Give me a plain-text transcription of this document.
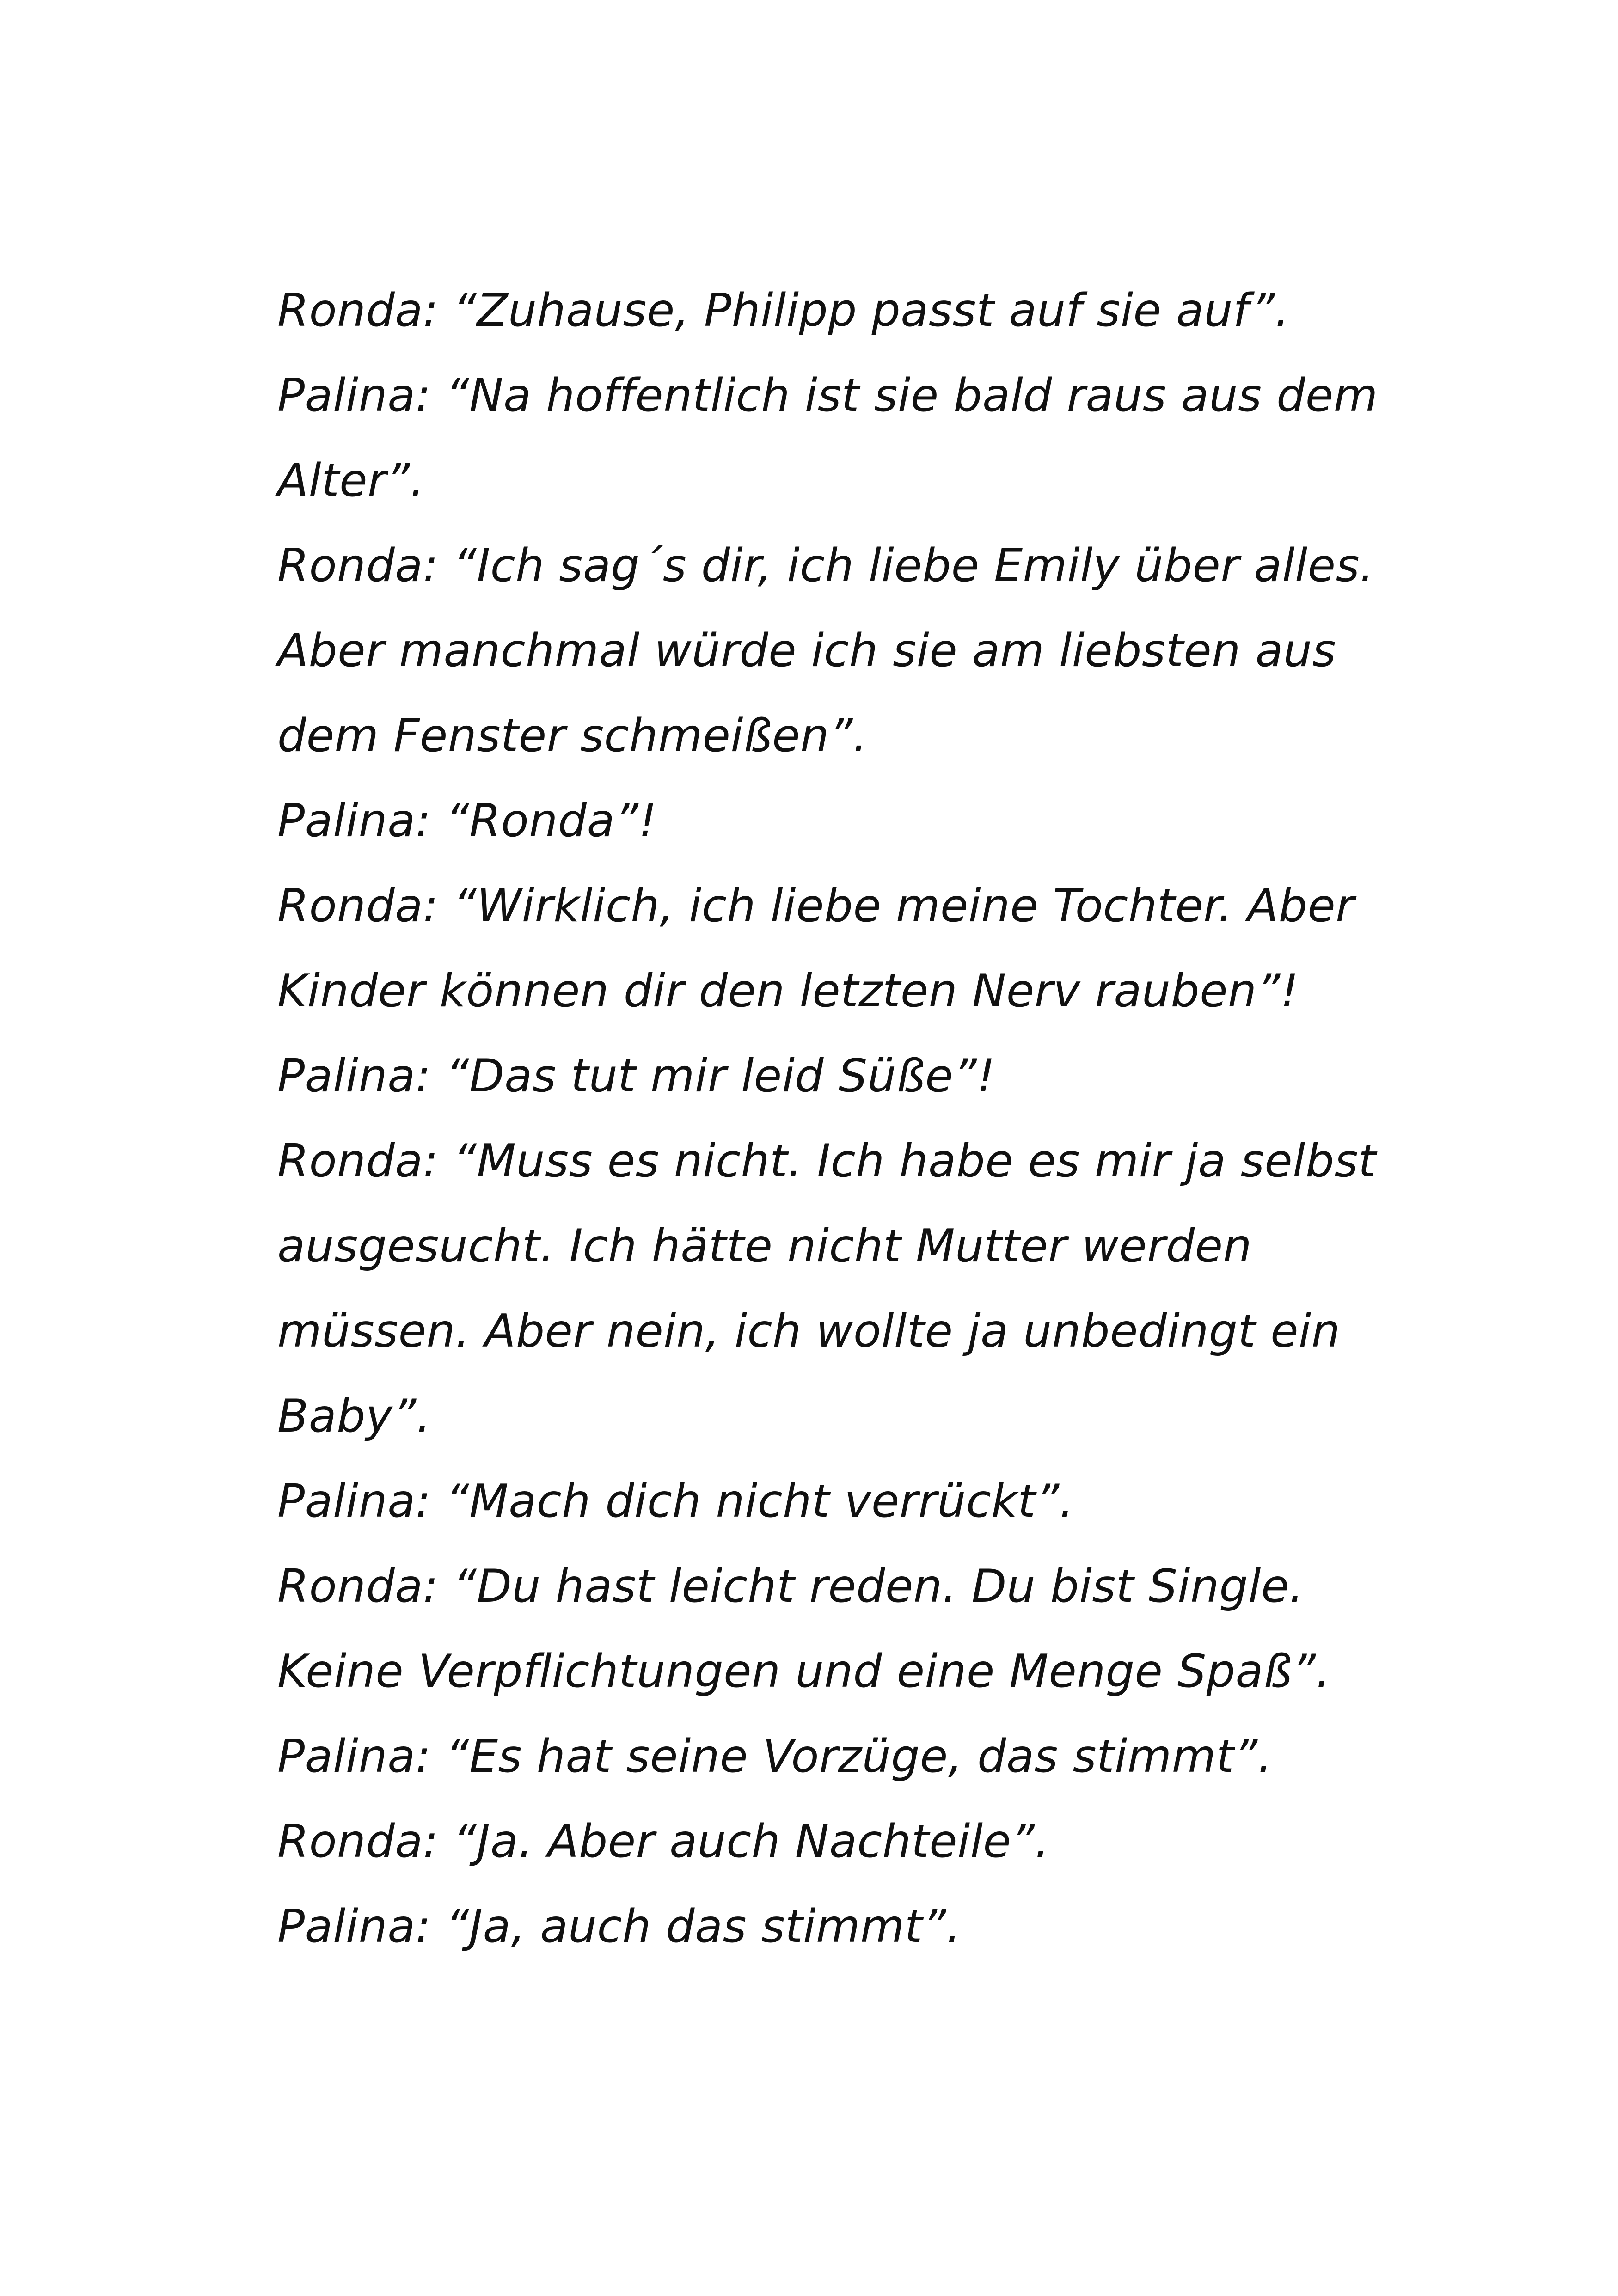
Ronda: “Zuhause, Philipp passt auf sie auf”.
Palina: “Na hoffentlich ist sie bald raus aus dem
Alter”.
Ronda: “Ich sag´s dir, ich liebe Emily über alles.
Aber manchmal würde ich sie am liebsten aus
dem Fenster schmeißen”.
Palina: “Ronda”!
Ronda: “Wirklich, ich liebe meine Tochter. Aber
Kinder können dir den letzten Nerv rauben”!
Palina: “Das tut mir leid Süße”!
Ronda: “Muss es nicht. Ich habe es mir ja selbst
ausgesucht. Ich hätte nicht Mutter werden
müssen. Aber nein, ich wollte ja unbedingt ein
Baby”.
Palina: “Mach dich nicht verrückt”.
Ronda: “Du hast leicht reden. Du bist Single.
Keine Verpflichtungen und eine Menge Spaß”.
Palina: “Es hat seine Vorzüge, das stimmt”.
Ronda: “Ja. Aber auch Nachteile”.
Palina: “Ja, auch das stimmt”.
